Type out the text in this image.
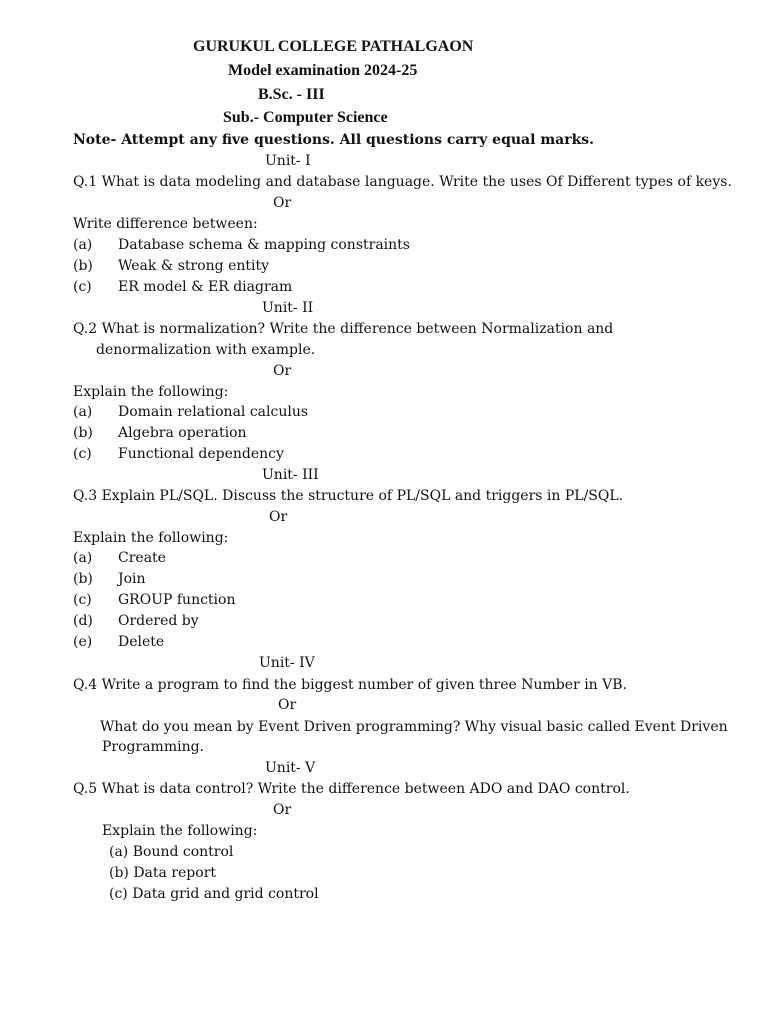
GURUKUL COLLEGE PATHALGAON
Model examination 2024-25
B.Sc. - III
Sub.- Computer Science
Note- Attempt any five questions. All questions carry equal marks.
Unit- I
Q.1 What is data modeling and database language. Write the uses Of Different types of keys.
Or
Write difference between:
(a) Database schema & mapping constraints
(b) Weak & strong entity
(c) ER model & ER diagram
Unit- II
Q.2 What is normalization? Write the difference between Normalization and
denormalization with example.
Or
Explain the following:
(a) Domain relational calculus
(b) Algebra operation
(c) Functional dependency
Unit- III
Q.3 Explain PL/SQL. Discuss the structure of PL/SQL and triggers in PL/SQL.
Or
Explain the following:
(a) Create
(b) Join
(c) GROUP function
(d) Ordered by
(e) Delete
Unit- IV
Q.4 Write a program to find the biggest number of given three Number in VB.
Or
What do you mean by Event Driven programming? Why visual basic called Event Driven
Programming.
Unit- V
Q.5 What is data control? Write the difference between ADO and DAO control.
Or
Explain the following:
(a) Bound control
(b) Data report
(c) Data grid and grid control
